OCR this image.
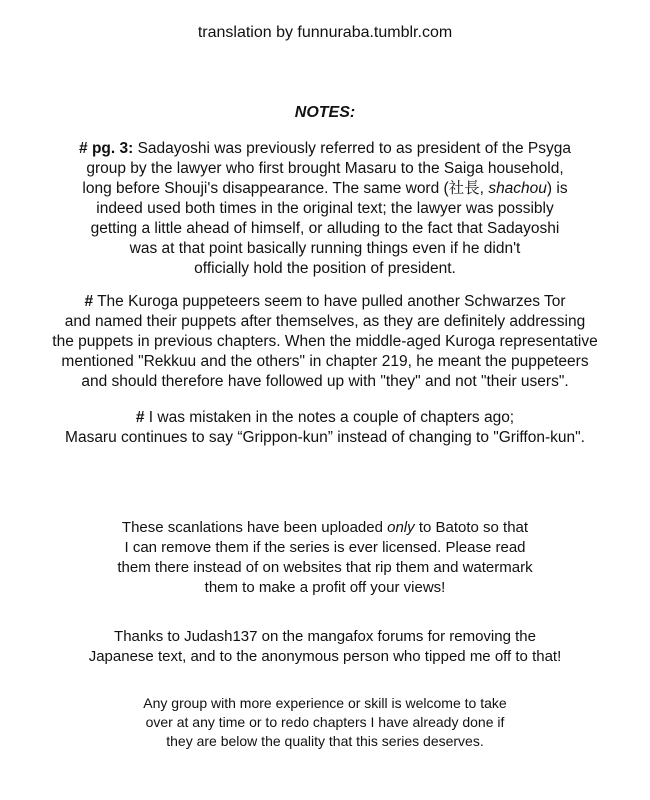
translation by funnuraba.tumblr.com
NOTES:
# pg. 3: Sadayoshi was previously referred to as president of the Psyga
group by the lawyer who first brought Masaru to the Saiga household,
long before Shouji's disappearance. The same word (社長, shachou) is
indeed used both times in the original text; the lawyer was possibly
getting a little ahead of himself, or alluding to the fact that Sadayoshi
was at that point basically running things even if he didn't
officially hold the position of president.
# The Kuroga puppeteers seem to have pulled another Schwarzes Tor
and named their puppets after themselves, as they are definitely addressing
the puppets in previous chapters. When the middle-aged Kuroga representative
mentioned "Rekkuu and the others" in chapter 219, he meant the puppeteers
and should therefore have followed up with "they" and not "their users".
# I was mistaken in the notes a couple of chapters ago;
Masaru continues to say “Grippon-kun” instead of changing to "Griffon-kun".
These scanlations have been uploaded only to Batoto so that
I can remove them if the series is ever licensed. Please read
them there instead of on websites that rip them and watermark
them to make a profit off your views!
Thanks to Judash137 on the mangafox forums for removing the
Japanese text, and to the anonymous person who tipped me off to that!
Any group with more experience or skill is welcome to take
over at any time or to redo chapters I have already done if
they are below the quality that this series deserves.
